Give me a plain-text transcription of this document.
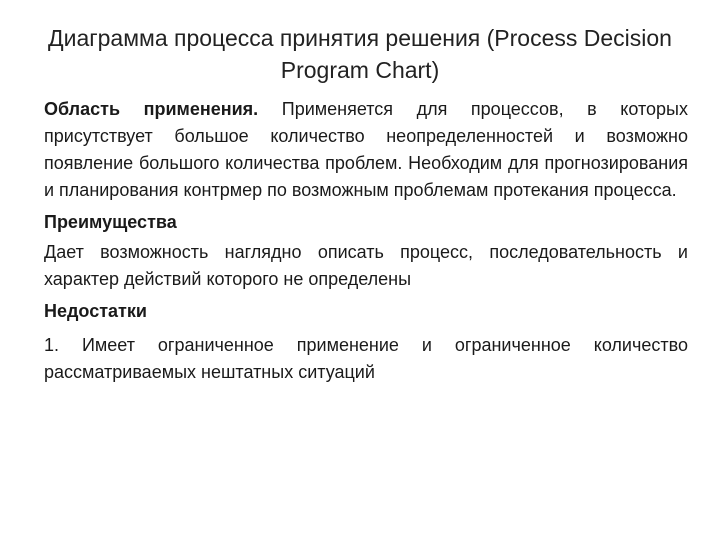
Диаграмма процесса принятия решения (Process Decision Program Chart)

Область применения. Применяется для процессов, в которых присутствует большое количество неопределенностей и возможно появление большого количества проблем. Необходим для прогнозирования и планирования контрмер по возможным проблемам протекания процесса.

Преимущества

Дает возможность наглядно описать процесс, последовательность и характер действий которого не определены

Недостатки

1. Имеет ограниченное применение и ограниченное количество рассматриваемых нештатных ситуаций
